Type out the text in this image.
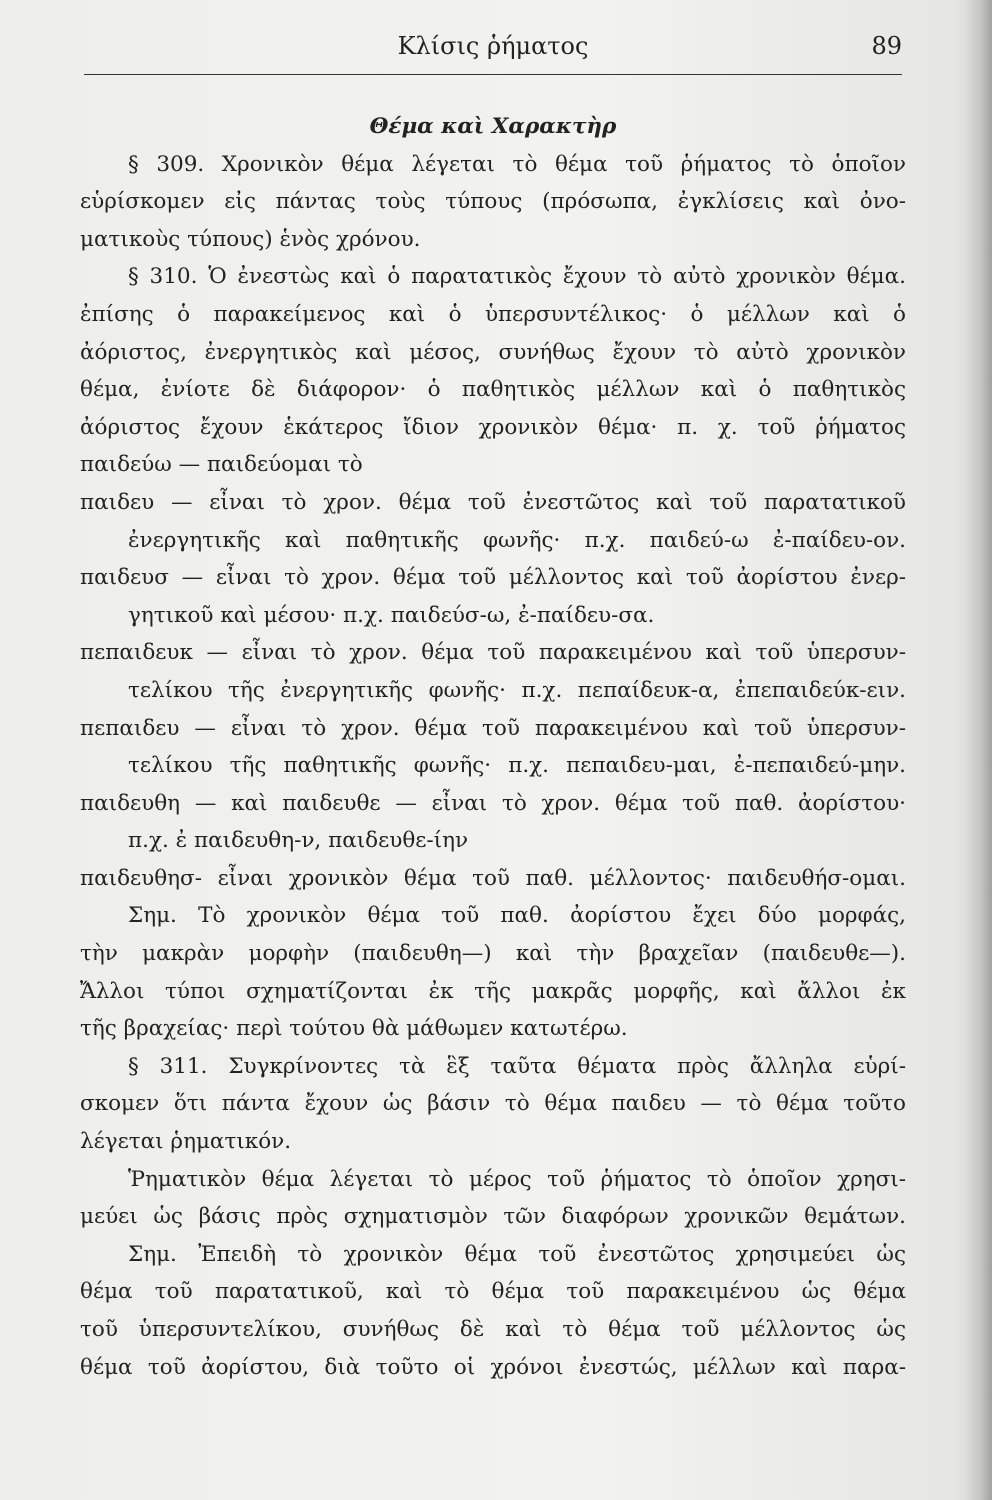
Κλίσις ῥήματος	89
Θέμα καὶ Χαρακτὴρ
§ 309. Χρονικὸν θέμα λέγεται τὸ θέμα τοῦ ῥήματος τὸ ὁποῖον
εὑρίσκομεν εἰς πάντας τοὺς τύπους (πρόσωπα, ἐγκλίσεις καὶ ὀνο-
ματικοὺς τύπους) ἑνὸς χρόνου.
§ 310. Ὁ ἐνεστὼς καὶ ὁ παρατατικὸς ἔχουν τὸ αὐτὸ χρονικὸν θέμα.
ἐπίσης ὁ παρακείμενος καὶ ὁ ὑπερσυντέλικος· ὁ μέλλων καὶ ὁ
ἀόριστος, ἐνεργητικὸς καὶ μέσος, συνήθως ἔχουν τὸ αὐτὸ χρονικὸν
θέμα, ἐνίοτε δὲ διάφορον· ὁ παθητικὸς μέλλων καὶ ὁ παθητικὸς
ἀόριστος ἔχουν ἑκάτερος ἴδιον χρονικὸν θέμα· π. χ. τοῦ ῥήματος
παιδεύω — παιδεύομαι τὸ
παιδευ — εἶναι τὸ χρον. θέμα τοῦ ἐνεστῶτος καὶ τοῦ παρατατικοῦ
ἐνεργητικῆς καὶ παθητικῆς φωνῆς· π.χ. παιδεύ-ω ἐ-παίδευ-ον.
παιδευσ — εἶναι τὸ χρον. θέμα τοῦ μέλλοντος καὶ τοῦ ἀορίστου ἐνερ-
γητικοῦ καὶ μέσου· π.χ. παιδεύσ-ω, ἐ-παίδευ-σα.
πεπαιδευκ — εἶναι τὸ χρον. θέμα τοῦ παρακειμένου καὶ τοῦ ὑπερσυν-
τελίκου τῆς ἐνεργητικῆς φωνῆς· π.χ. πεπαίδευκ-α, ἐπεπαιδεύκ-ειν.
πεπαιδευ — εἶναι τὸ χρον. θέμα τοῦ παρακειμένου καὶ τοῦ ὑπερσυν-
τελίκου τῆς παθητικῆς φωνῆς· π.χ. πεπαιδευ-μαι, ἐ-πεπαιδεύ-μην.
παιδευθη — καὶ παιδευθε — εἶναι τὸ χρον. θέμα τοῦ παθ. ἀορίστου·
π.χ. ἐ παιδευθη-ν, παιδευθε-ίην
παιδευθησ- εἶναι χρονικὸν θέμα τοῦ παθ. μέλλοντος· παιδευθήσ-ομαι.
Σημ. Τὸ χρονικὸν θέμα τοῦ παθ. ἀορίστου ἔχει δύο μορφάς,
τὴν μακρὰν μορφὴν (παιδευθη—) καὶ τὴν βραχεῖαν (παιδευθε—).
Ἄλλοι τύποι σχηματίζονται ἐκ τῆς μακρᾶς μορφῆς, καὶ ἄλλοι ἐκ
τῆς βραχείας· περὶ τούτου θὰ μάθωμεν κατωτέρω.
§ 311. Συγκρίνοντες τὰ ἓξ ταῦτα θέματα πρὸς ἄλληλα εὑρί-
σκομεν ὅτι πάντα ἔχουν ὡς βάσιν τὸ θέμα παιδευ — τὸ θέμα τοῦτο
λέγεται ῥηματικόν.
Ῥηματικὸν θέμα λέγεται τὸ μέρος τοῦ ῥήματος τὸ ὁποῖον χρησι-
μεύει ὡς βάσις πρὸς σχηματισμὸν τῶν διαφόρων χρονικῶν θεμάτων.
Σημ. Ἐπειδὴ τὸ χρονικὸν θέμα τοῦ ἐνεστῶτος χρησιμεύει ὡς
θέμα τοῦ παρατατικοῦ, καὶ τὸ θέμα τοῦ παρακειμένου ὡς θέμα
τοῦ ὑπερσυντελίκου, συνήθως δὲ καὶ τὸ θέμα τοῦ μέλλοντος ὡς
θέμα τοῦ ἀορίστου, διὰ τοῦτο οἱ χρόνοι ἐνεστώς, μέλλων καὶ παρα-
